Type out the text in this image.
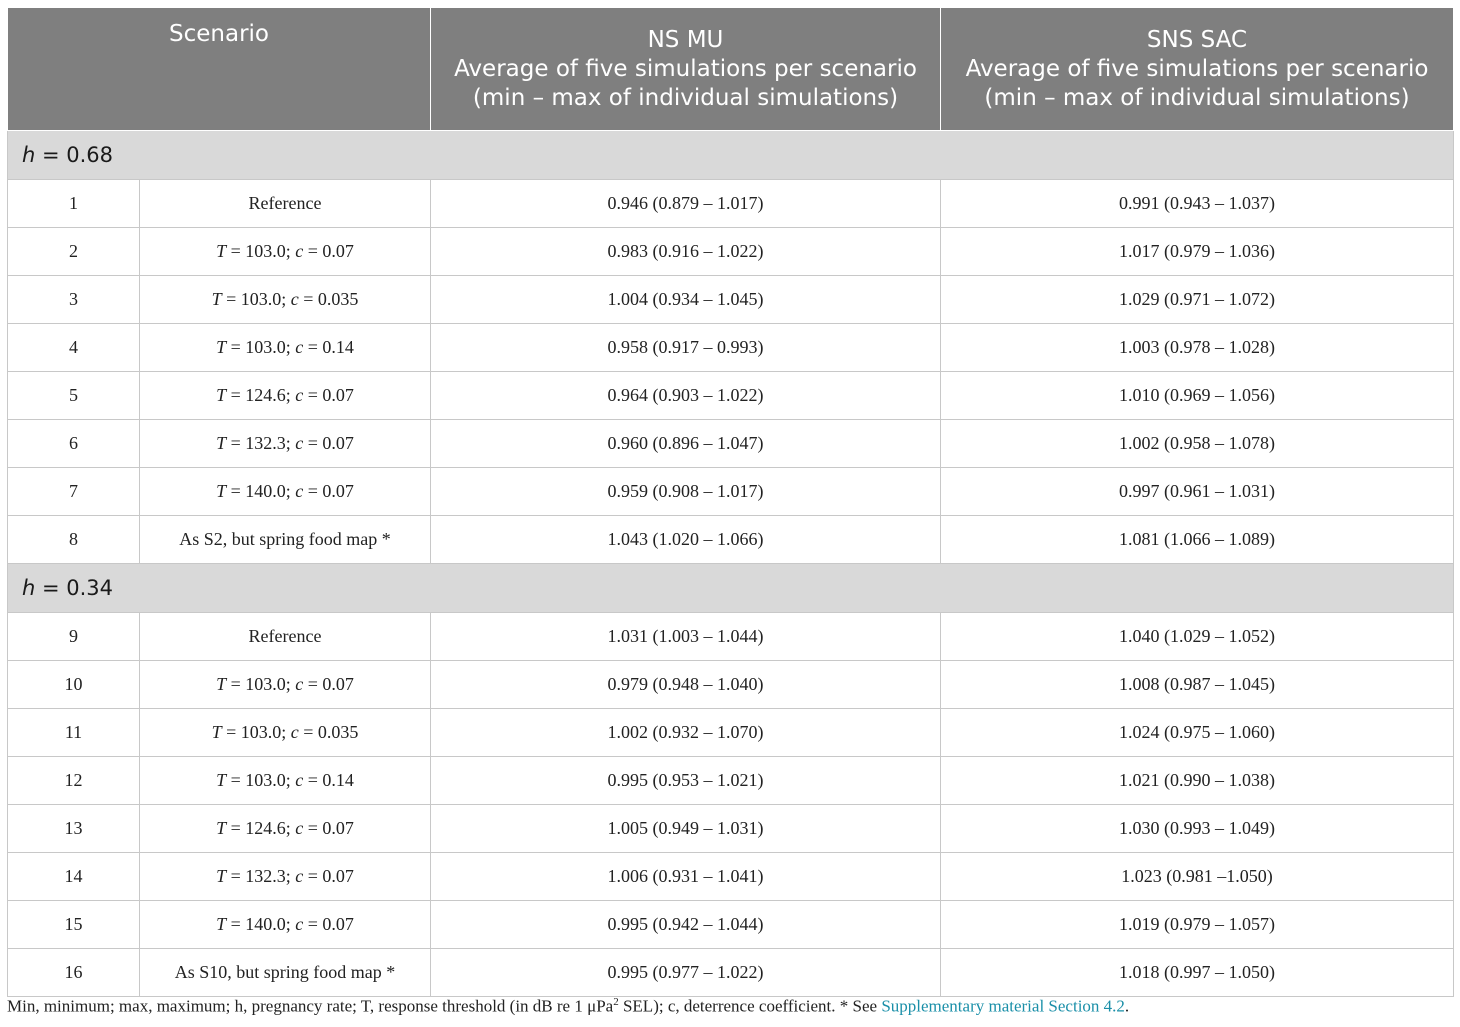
Scenario		NS MU
Average of five simulations per scenario
(min – max of individual simulations)	SNS SAC
Average of five simulations per scenario
(min – max of individual simulations)

h = 0.68			
1	Reference	0.946 (0.879 – 1.017)	0.991 (0.943 – 1.037)
2	T = 103.0; c = 0.07	0.983 (0.916 – 1.022)	1.017 (0.979 – 1.036)
3	T = 103.0; c = 0.035	1.004 (0.934 – 1.045)	1.029 (0.971 – 1.072)
4	T = 103.0; c = 0.14	0.958 (0.917 – 0.993)	1.003 (0.978 – 1.028)
5	T = 124.6; c = 0.07	0.964 (0.903 – 1.022)	1.010 (0.969 – 1.056)
6	T = 132.3; c = 0.07	0.960 (0.896 – 1.047)	1.002 (0.958 – 1.078)
7	T = 140.0; c = 0.07	0.959 (0.908 – 1.017)	0.997 (0.961 – 1.031)
8	As S2, but spring food map *	1.043 (1.020 – 1.066)	1.081 (1.066 – 1.089)
h = 0.34			
9	Reference	1.031 (1.003 – 1.044)	1.040 (1.029 – 1.052)
10	T = 103.0; c = 0.07	0.979 (0.948 – 1.040)	1.008 (0.987 – 1.045)
11	T = 103.0; c = 0.035	1.002 (0.932 – 1.070)	1.024 (0.975 – 1.060)
12	T = 103.0; c = 0.14	0.995 (0.953 – 1.021)	1.021 (0.990 – 1.038)
13	T = 124.6; c = 0.07	1.005 (0.949 – 1.031)	1.030 (0.993 – 1.049)
14	T = 132.3; c = 0.07	1.006 (0.931 – 1.041)	1.023 (0.981 –1.050)
15	T = 140.0; c = 0.07	0.995 (0.942 – 1.044)	1.019 (0.979 – 1.057)
16	As S10, but spring food map *	0.995 (0.977 – 1.022)	1.018 (0.997 – 1.050)
Min, minimum; max, maximum; h, pregnancy rate; T, response threshold (in dB re 1 μPa$^2$ SEL); c, deterrence coefficient. * See Supplementary material Section 4.2.
